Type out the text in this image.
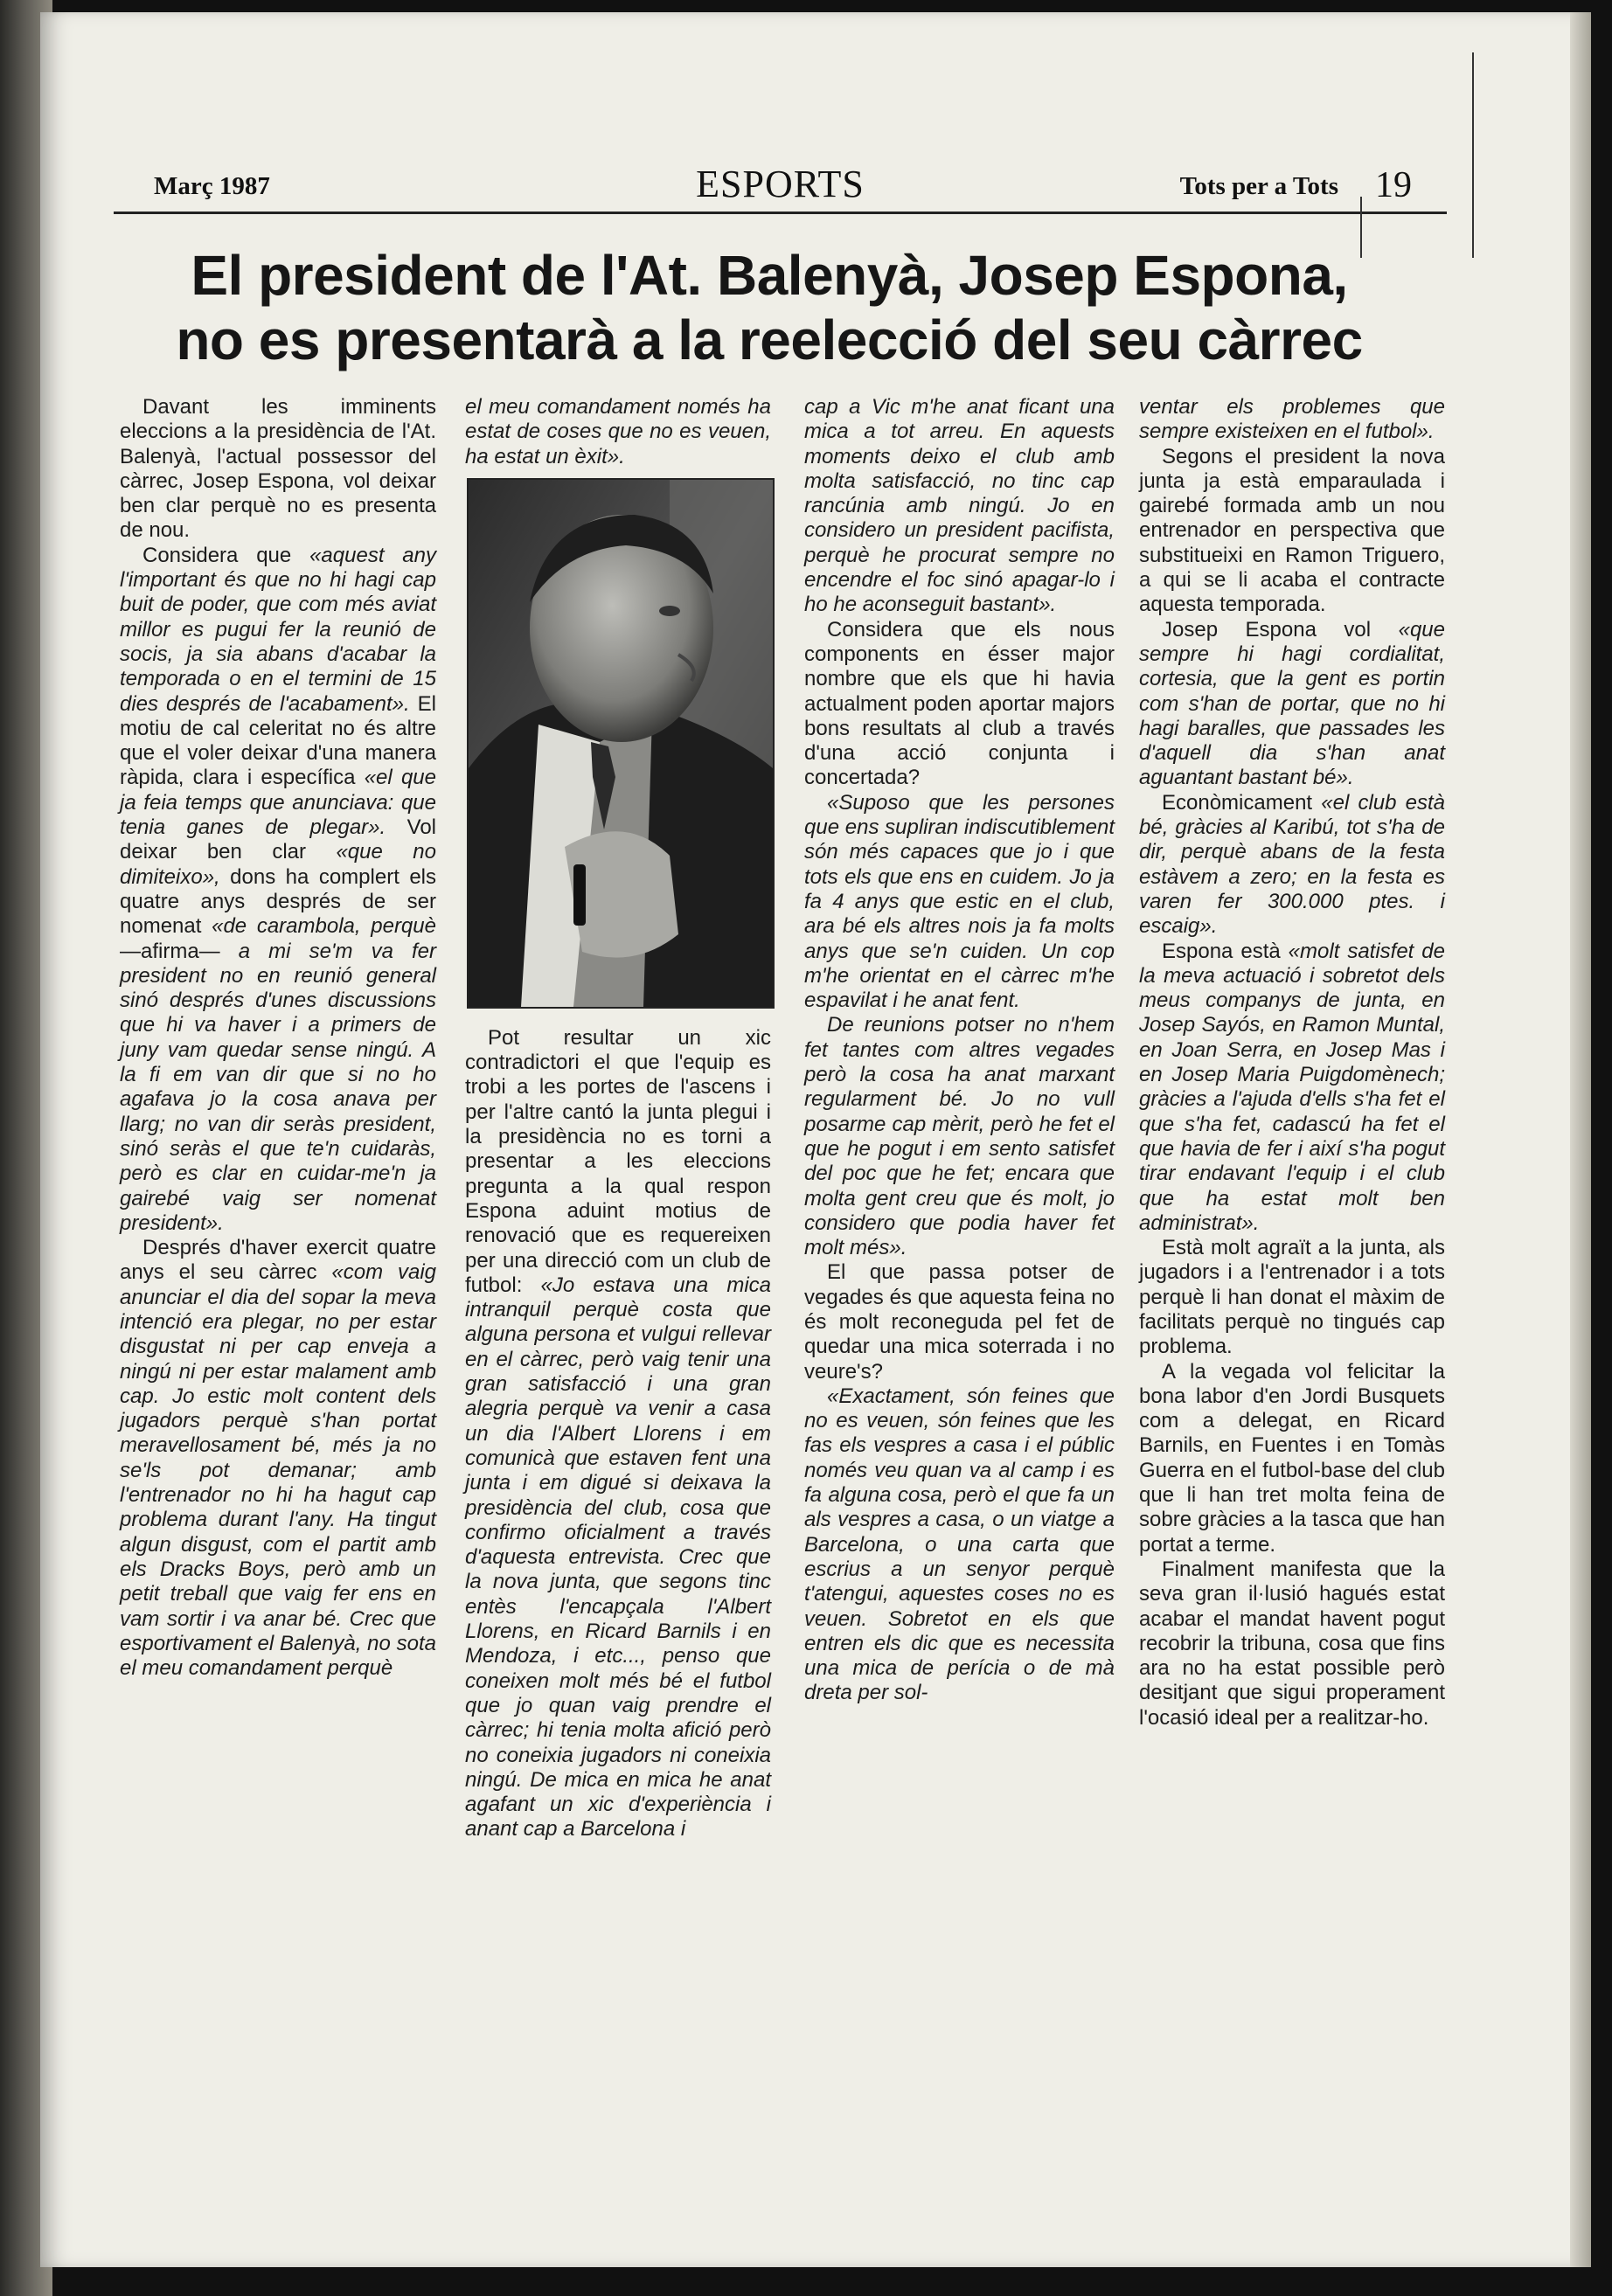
Març 1987	ESPORTS	Tots per a Tots 19
El president de l'At. Balenyà, Josep Espona,
no es presentarà a la reelecció del seu càrrec

Davant les imminents eleccions a la presidència de l'At. Balenyà, l'actual possessor del càrrec, Josep Espona, vol deixar ben clar perquè no es presenta de nou.

Considera que «aquest any l'important és que no hi hagi cap buit de poder, que com més aviat millor es pugui fer la reunió de socis, ja sia abans d'acabar la temporada o en el termini de 15 dies després de l'acabament». El motiu de cal celeritat no és altre que el voler deixar d'una manera ràpida, clara i específica «el que ja feia temps que anunciava: que tenia ganes de plegar». Vol deixar ben clar «que no dimiteixo», dons ha complert els quatre anys després de ser nomenat «de carambola, perquè —afirma— a mi se'm va fer president no en reunió general sinó després d'unes discussions que hi va haver i a primers de juny vam quedar sense ningú. A la fi em van dir que si no ho agafava jo la cosa anava per llarg; no van dir seràs president, sinó seràs el que te'n cuidaràs, però es clar en cuidar-me'n ja gairebé vaig ser nomenat president».

Després d'haver exercit quatre anys el seu càrrec «com vaig anunciar el dia del sopar la meva intenció era plegar, no per estar disgustat ni per cap enveja a ningú ni per estar malament amb cap. Jo estic molt content dels jugadors perquè s'han portat meravellosament bé, més ja no se'ls pot demanar; amb l'entrenador no hi ha hagut cap problema durant l'any. Ha tingut algun disgust, com el partit amb els Dracks Boys, però amb un petit treball que vaig fer ens en vam sortir i va anar bé. Crec que esportivament el Balenyà, no sota el meu comandament perquè

el meu comandament només ha estat de coses que no es veuen, ha estat un èxit».

Pot resultar un xic contradictori el que l'equip es trobi a les portes de l'ascens i per l'altre cantó la junta plegui i la presidència no es torni a presentar a les eleccions pregunta a la qual respon Espona aduint motius de renovació que es requereixen per una direcció com un club de futbol: «Jo estava una mica intranquil perquè costa que alguna persona et vulgui rellevar en el càrrec, però vaig tenir una gran satisfacció i una gran alegria perquè va venir a casa un dia l'Albert Llorens i em comunicà que estaven fent una junta i em digué si deixava la presidència del club, cosa que confirmo oficialment a través d'aquesta entrevista. Crec que la nova junta, que segons tinc entès l'encapçala l'Albert Llorens, en Ricard Barnils i en Mendoza, i etc..., penso que coneixen molt més bé el futbol que jo quan vaig prendre el càrrec; hi tenia molta afició però no coneixia jugadors ni coneixia ningú. De mica en mica he anat agafant un xic d'experiència i anant cap a Barcelona i

cap a Vic m'he anat ficant una mica a tot arreu. En aquests moments deixo el club amb molta satisfacció, no tinc cap rancúnia amb ningú. Jo en considero un president pacifista, perquè he procurat sempre no encendre el foc sinó apagar-lo i ho he aconseguit bastant».

Considera que els nous components en ésser major nombre que els que hi havia actualment poden aportar majors bons resultats al club a través d'una acció conjunta i concertada?

«Suposo que les persones que ens supliran indiscutiblement són més capaces que jo i que tots els que ens en cuidem. Jo ja fa 4 anys que estic en el club, ara bé els altres nois ja fa molts anys que se'n cuiden. Un cop m'he orientat en el càrrec m'he espavilat i he anat fent.

De reunions potser no n'hem fet tantes com altres vegades però la cosa ha anat marxant regularment bé. Jo no vull posarme cap mèrit, però he fet el que he pogut i em sento satisfet del poc que he fet; encara que molta gent creu que és molt, jo considero que podia haver fet molt més».

El que passa potser de vegades és que aquesta feina no és molt reconeguda pel fet de quedar una mica soterrada i no veure's?

«Exactament, són feines que no es veuen, són feines que les fas els vespres a casa i el públic només veu quan va al camp i es fa alguna cosa, però el que fa un als vespres a casa, o un viatge a Barcelona, o una carta que escrius a un senyor perquè t'atengui, aquestes coses no es veuen. Sobretot en els que entren els dic que es necessita una mica de perícia o de mà dreta per sol-

ventar els problemes que sempre existeixen en el futbol».

Segons el president la nova junta ja està emparaulada i gairebé formada amb un nou entrenador en perspectiva que substitueixi en Ramon Triguero, a qui se li acaba el contracte aquesta temporada.

Josep Espona vol «que sempre hi hagi cordialitat, cortesia, que la gent es portin com s'han de portar, que no hi hagi baralles, que passades les d'aquell dia s'han anat aguantant bastant bé».

Econòmicament «el club està bé, gràcies al Karibú, tot s'ha de dir, perquè abans de la festa estàvem a zero; en la festa es varen fer 300.000 ptes. i escaig».

Espona està «molt satisfet de la meva actuació i sobretot dels meus companys de junta, en Josep Sayós, en Ramon Muntal, en Joan Serra, en Josep Mas i en Josep Maria Puigdomènech; gràcies a l'ajuda d'ells s'ha fet el que s'ha fet, cadascú ha fet el que havia de fer i així s'ha pogut tirar endavant l'equip i el club que ha estat molt ben administrat».

Està molt agraït a la junta, als jugadors i a l'entrenador i a tots perquè li han donat el màxim de facilitats perquè no tingués cap problema.

A la vegada vol felicitar la bona labor d'en Jordi Busquets com a delegat, en Ricard Barnils, en Fuentes i en Tomàs Guerra en el futbol-base del club que li han tret molta feina de sobre gràcies a la tasca que han portat a terme.

Finalment manifesta que la seva gran il·lusió hagués estat acabar el mandat havent pogut recobrir la tribuna, cosa que fins ara no ha estat possible però desitjant que sigui properament l'ocasió ideal per a realitzar-ho.
